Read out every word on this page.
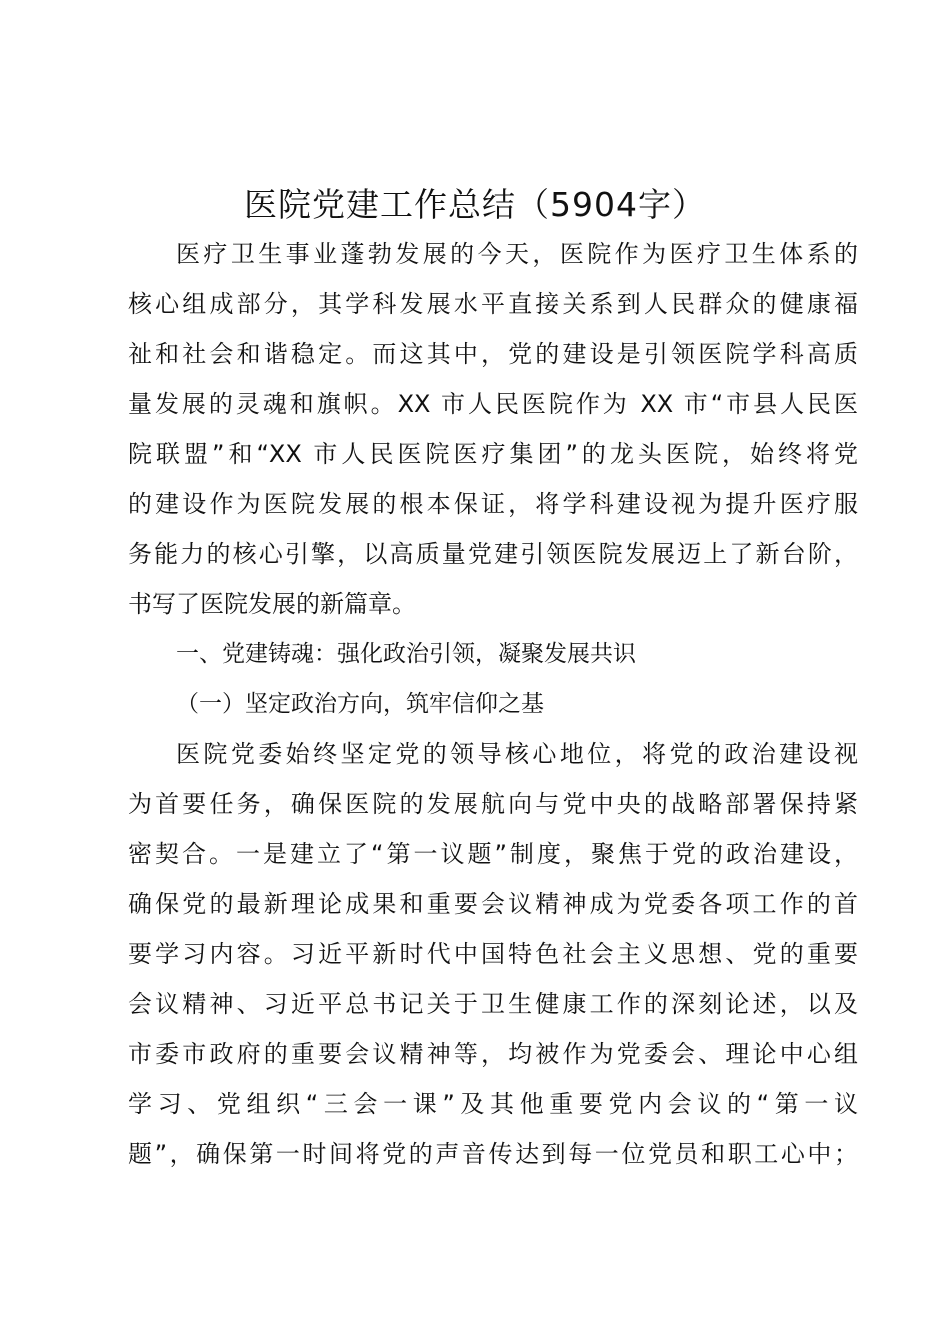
医院党建工作总结（5904字）
医疗卫生事业蓬勃发展的今天，医院作为医疗卫生体系的
核心组成部分，其学科发展水平直接关系到人民群众的健康福
祉和社会和谐稳定。而这其中，党的建设是引领医院学科高质
量发展的灵魂和旗帜。XX 市人民医院作为 XX 市“市县人民医
院联盟”和“XX 市人民医院医疗集团”的龙头医院，始终将党
的建设作为医院发展的根本保证，将学科建设视为提升医疗服
务能力的核心引擎，以高质量党建引领医院发展迈上了新台阶，
书写了医院发展的新篇章。
一、党建铸魂：强化政治引领，凝聚发展共识
（一）坚定政治方向，筑牢信仰之基
医院党委始终坚定党的领导核心地位，将党的政治建设视
为首要任务，确保医院的发展航向与党中央的战略部署保持紧
密契合。一是建立了“第一议题”制度，聚焦于党的政治建设，
确保党的最新理论成果和重要会议精神成为党委各项工作的首
要学习内容。习近平新时代中国特色社会主义思想、党的重要
会议精神、习近平总书记关于卫生健康工作的深刻论述，以及
市委市政府的重要会议精神等，均被作为党委会、理论中心组
学习、党组织“三会一课”及其他重要党内会议的“第一议
题”，确保第一时间将党的声音传达到每一位党员和职工心中；
